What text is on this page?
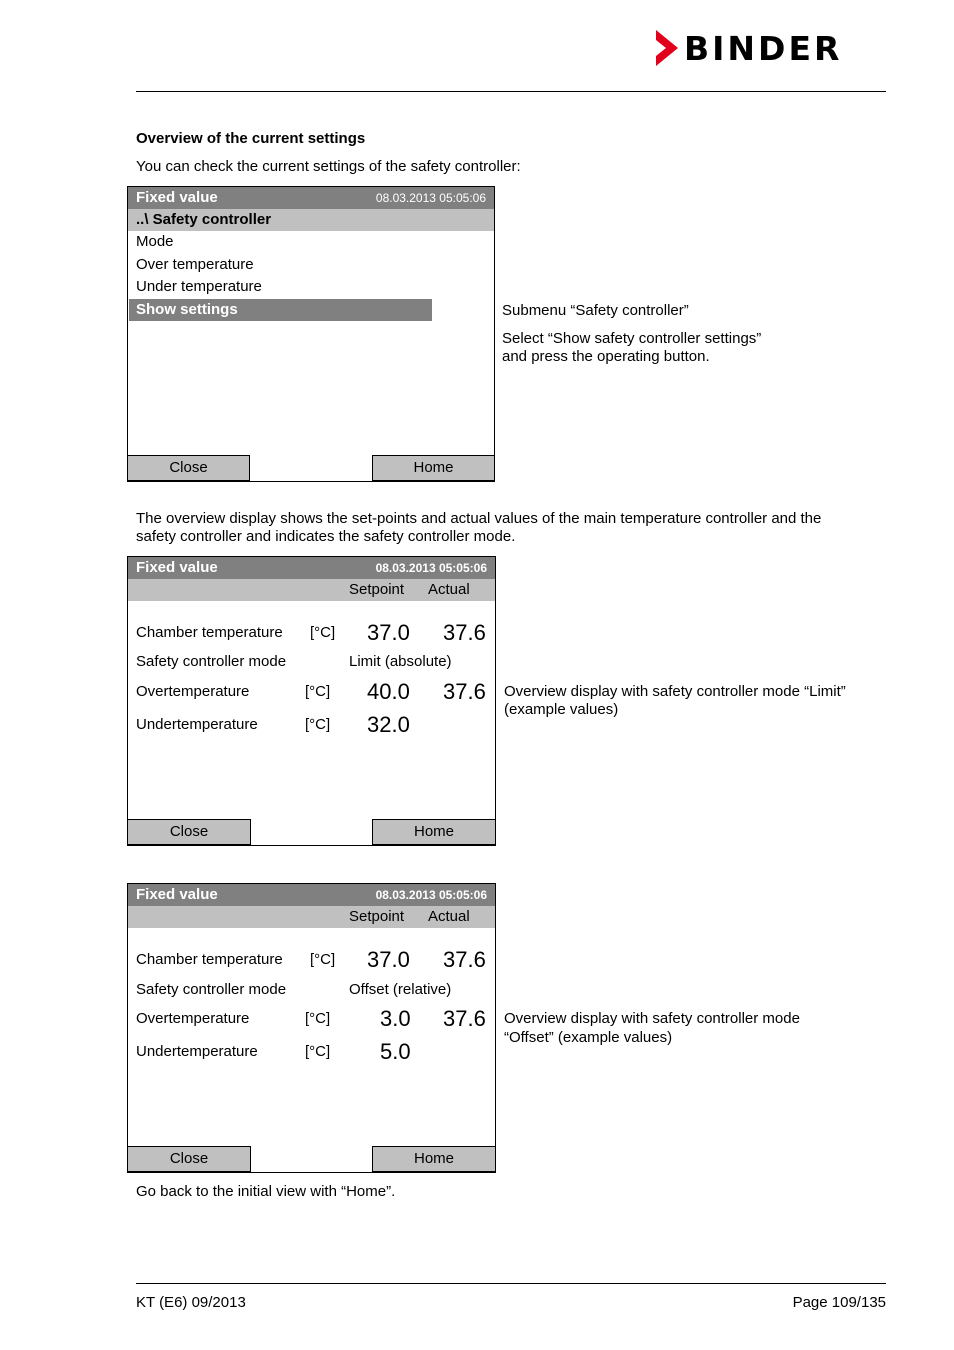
BINDER
Overview of the current settings
You can check the current settings of the safety controller:
Fixed value	08.03.2013 05:05:06
..\ Safety controller
Mode
Over temperature
Under temperature
Show settings
Close	Home
Submenu “Safety controller”
Select “Show safety controller settings”
and press the operating button.
The overview display shows the set-points and actual values of the main temperature controller and the
safety controller and indicates the safety controller mode.
Fixed value	08.03.2013 05:05:06
Setpoint Actual
Chamber temperature [°C] 37.0 37.6
Safety controller mode	Limit (absolute)
Overtemperature	[°C] 40.0 37.6
Undertemperature	[°C] 32.0
Close	Home
Overview display with safety controller mode “Limit”
(example values)
Fixed value	08.03.2013 05:05:06
Setpoint Actual
Chamber temperature [°C] 37.0 37.6
Safety controller mode	Offset (relative)
Overtemperature	[°C] 3.0 37.6
Undertemperature	[°C] 5.0
Close	Home
Overview display with safety controller mode
“Offset” (example values)
Go back to the initial view with “Home”.
KT (E6) 09/2013	Page 109/135
